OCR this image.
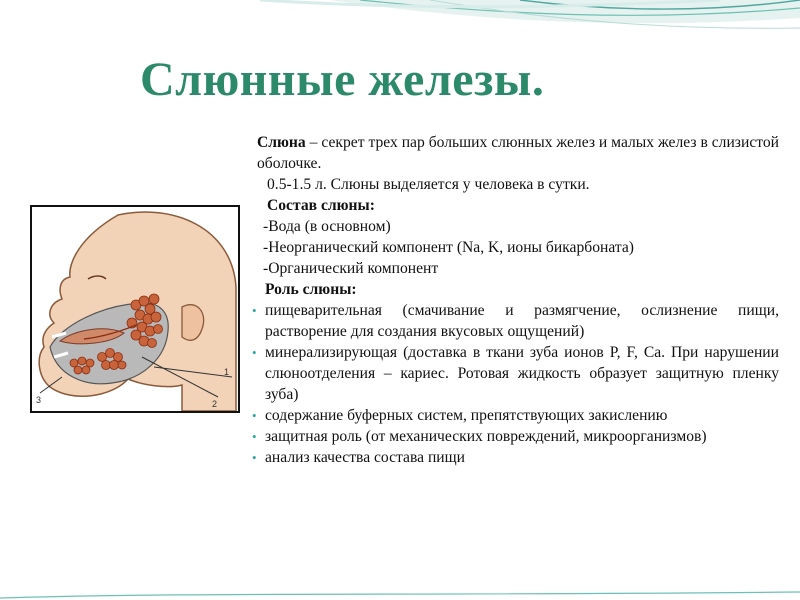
Слюнные железы.
1
2
3

Слюна – секрет трех пар больших слюнных желез и малых желез в слизистой оболочке.

0.5-1.5 л. Слюны выделяется у человека в сутки.

Состав слюны:

-Вода (в основном)

-Неорганический компонент (Na, K, ионы бикарбоната)

-Органический компонент

Роль слюны:

• пищеварительная (смачивание и размягчение, ослизнение пищи, растворение для создания вкусовых ощущений)
• минерализирующая (доставка в ткани зуба ионов P, F, Ca. При нарушении слюноотделения – кариес. Ротовая жидкость образует защитную пленку зуба)
• содержание буферных систем, препятствующих закислению
• защитная роль (от механических повреждений, микроорганизмов)
• анализ качества состава пищи
